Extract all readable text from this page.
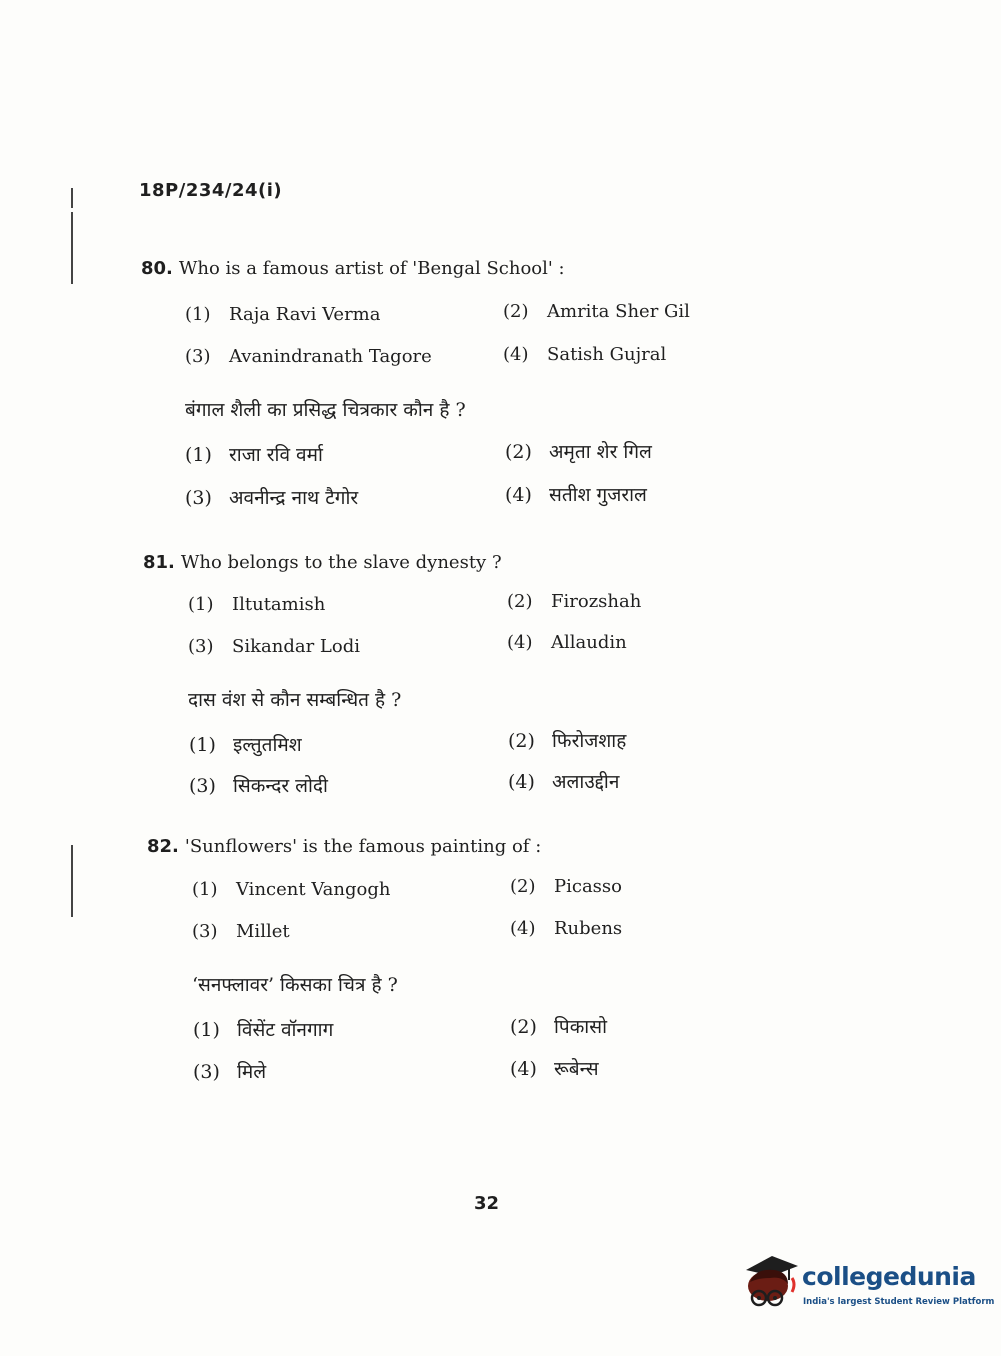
18P/234/24(i)
80. Who is a famous artist of 'Bengal School' :
(1) Raja Ravi Verma	(2) Amrita Sher Gil
(3) Avanindranath Tagore	(4) Satish Gujral
बंगाल शैली का प्रसिद्ध चित्रकार कौन है ?
(1) राजा रवि वर्मा	(2) अमृता शेर गिल
(3) अवनीन्द्र नाथ टैगोर	(4) सतीश गुजराल
81. Who belongs to the slave dynesty ?
(1) Iltutamish	(2) Firozshah
(3) Sikandar Lodi	(4) Allaudin
दास वंश से कौन सम्बन्धित है ?
(1) इल्तुतमिश	(2) फिरोजशाह
(3) सिकन्दर लोदी	(4) अलाउद्दीन
82. 'Sunflowers' is the famous painting of :
(1) Vincent Vangogh	(2) Picasso
(3) Millet	(4) Rubens
‘सनफ्लावर’ किसका चित्र है ?
(1) विंसेंट वॉनगाग	(2) पिकासो
(3) मिले	(4) रूबेन्स
32
collegedunia
India's largest Student Review Platform
